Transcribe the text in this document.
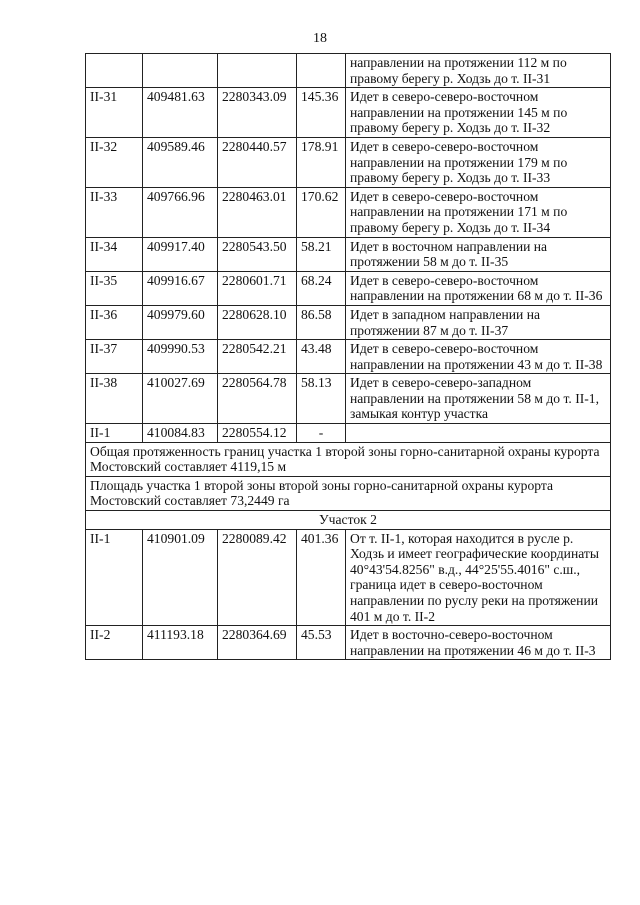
18
				направлении на протяжении 112 м по правому берегу р. Ходзь до т. II-31
II-31	409481.63	2280343.09	145.36	Идет в северо-северо-восточном направлении на протяжении 145 м по правому берегу р. Ходзь до т. II-32
II-32	409589.46	2280440.57	178.91	Идет в северо-северо-восточном направлении на протяжении 179 м по правому берегу р. Ходзь до т. II-33
II-33	409766.96	2280463.01	170.62	Идет в северо-северо-восточном направлении на протяжении 171 м по правому берегу р. Ходзь до т. II-34
II-34	409917.40	2280543.50	58.21	Идет в восточном направлении на протяжении 58 м до т. II-35
II-35	409916.67	2280601.71	68.24	Идет в северо-северо-восточном направлении на протяжении 68 м до т. II-36
II-36	409979.60	2280628.10	86.58	Идет в западном направлении на протяжении 87 м до т. II-37
II-37	409990.53	2280542.21	43.48	Идет в северо-северо-восточном направлении на протяжении 43 м до т. II-38
II-38	410027.69	2280564.78	58.13	Идет в северо-северо-западном направлении на протяжении 58 м до т. II-1, замыкая контур участка
II-1	410084.83	2280554.12	-	
Общая протяженность границ участка 1 второй зоны горно-санитарной охраны курорта Мостовский составляет 4119,15 м				
Площадь участка 1 второй зоны второй зоны горно-санитарной охраны курорта Мостовский составляет 73,2449 га				
Участок 2				
II-1	410901.09	2280089.42	401.36	От т. II-1, которая находится в русле р. Ходзь и имеет географические координаты 40°43'54.8256" в.д., 44°25'55.4016" с.ш., граница идет в северо-восточном направлении по руслу реки на протяжении 401 м до т. II-2
II-2	411193.18	2280364.69	45.53	Идет в восточно-северо-восточном направлении на протяжении 46 м до т. II-3
